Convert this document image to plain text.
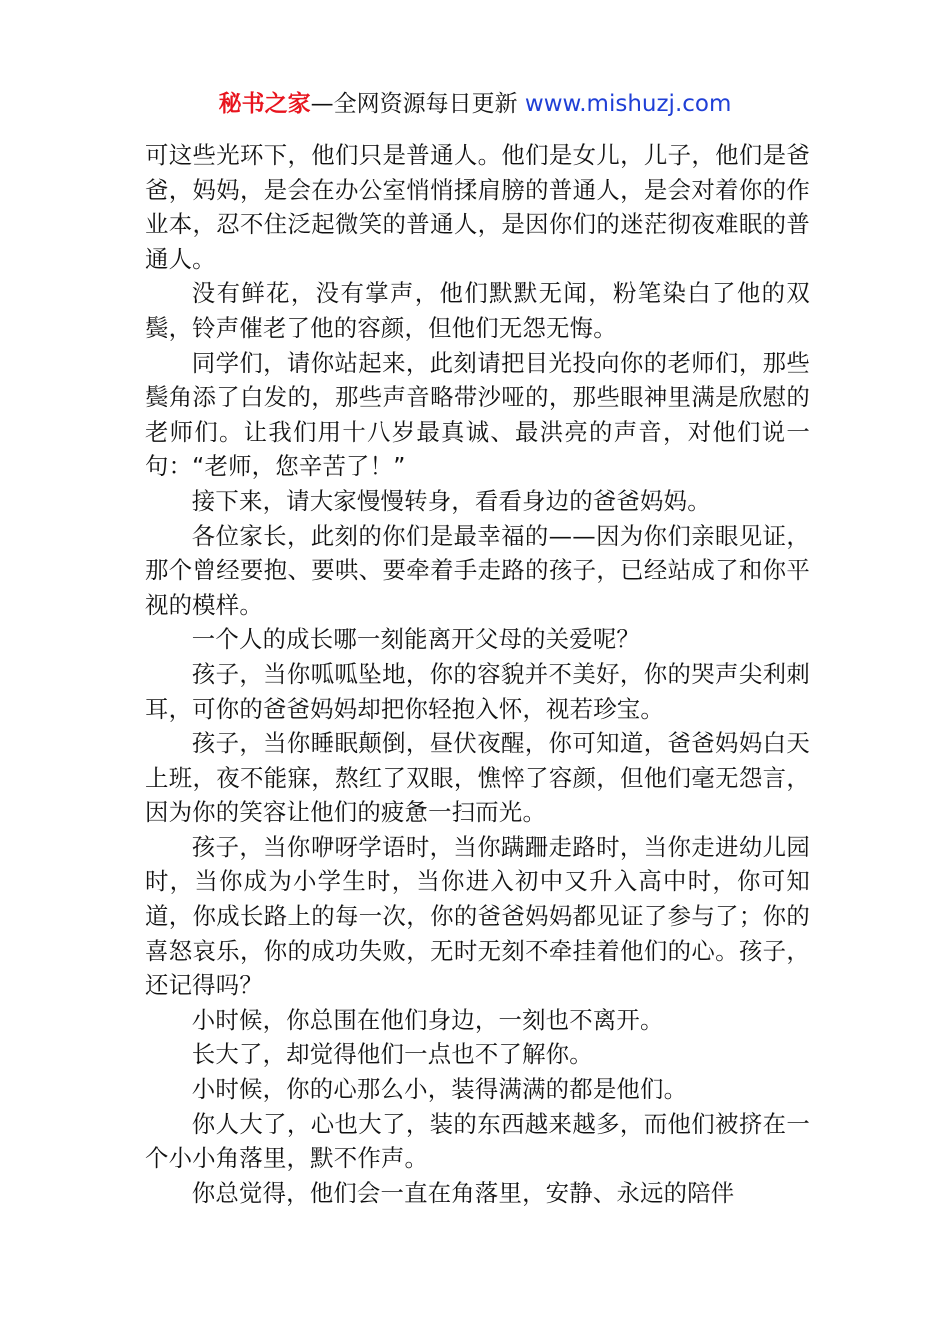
秘书之家—全网资源每日更新 www.mishuzj.com

可这些光环下，他们只是普通人。他们是女儿，儿子，他们是爸爸，妈妈，是会在办公室悄悄揉肩膀的普通人，是会对着你的作业本，忍不住泛起微笑的普通人，是因你们的迷茫彻夜难眠的普通人。

没有鲜花，没有掌声，他们默默无闻，粉笔染白了他的双鬓，铃声催老了他的容颜，但他们无怨无悔。

同学们，请你站起来，此刻请把目光投向你的老师们，那些鬓角添了白发的，那些声音略带沙哑的，那些眼神里满是欣慰的老师们。让我们用十八岁最真诚、最洪亮的声音，对他们说一句：“老师，您辛苦了！”

接下来，请大家慢慢转身，看看身边的爸爸妈妈。

各位家长，此刻的你们是最幸福的——因为你们亲眼见证，那个曾经要抱、要哄、要牵着手走路的孩子，已经站成了和你平视的模样。

一个人的成长哪一刻能离开父母的关爱呢？

孩子，当你呱呱坠地，你的容貌并不美好，你的哭声尖利刺耳，可你的爸爸妈妈却把你轻抱入怀，视若珍宝。

孩子，当你睡眠颠倒，昼伏夜醒，你可知道，爸爸妈妈白天上班，夜不能寐，熬红了双眼，憔悴了容颜，但他们毫无怨言，因为你的笑容让他们的疲惫一扫而光。

孩子，当你咿呀学语时，当你蹒跚走路时，当你走进幼儿园时，当你成为小学生时，当你进入初中又升入高中时，你可知道，你成长路上的每一次，你的爸爸妈妈都见证了参与了；你的喜怒哀乐，你的成功失败，无时无刻不牵挂着他们的心。孩子，还记得吗？

小时候，你总围在他们身边，一刻也不离开。

长大了，却觉得他们一点也不了解你。

小时候，你的心那么小，装得满满的都是他们。

你人大了，心也大了，装的东西越来越多，而他们被挤在一个小小角落里，默不作声。

你总觉得，他们会一直在角落里，安静、永远的陪伴
